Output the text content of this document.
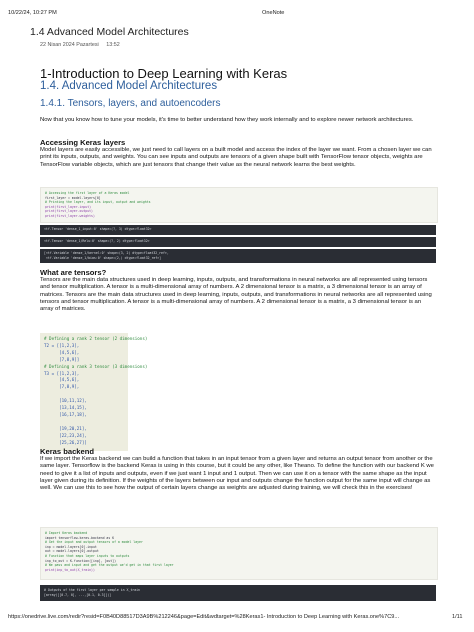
10/22/24, 10:27 PM	OneNote
1.4 Advanced Model Architectures
22 Nisan 2024 Pazartesi 13:52
1-Introduction to Deep Learning with Keras
1.4. Advanced Model Architectures
1.4.1. Tensors, layers, and autoencoders
Now that you know how to tune your models, it's time to better understand how they work internally and to explore newer network architectures.
Accessing Keras layers
Model layers are easily accessible, we just need to call layers on a built model and access the index of the layer we want. From a chosen layer we can print its inputs, outputs, and weights. You can see inputs and outputs are tensors of a given shape built with TensorFlow tensor objects, weights are TensorFlow variable objects, which are just tensors that change their value as the neural network learns the best weights.
# Accessing the first layer of a Keras model
first_layer = model.layers[0]
# Printing the layer, and its input, output and weights
print(first_layer.input)
print(first_layer.output)
print(first_layer.weights)
<tf.Tensor 'dense_1_input:0' shape=(?, 3) dtype=float32>
<tf.Tensor 'dense_1/Relu:0' shape=(?, 2) dtype=float32>
[<tf.Variable 'dense_1/kernel:0' shape=(3, 2) dtype=float32_ref>,
<tf.Variable 'dense_1/bias:0' shape=(2,) dtype=float32_ref>]
What are tensors?
Tensors are the main data structures used in deep learning, inputs, outputs, and transformations in neural networks are all represented using tensors and tensor multiplication. A tensor is a multi-dimensional array of numbers. A 2 dimensional tensor is a matrix, a 3 dimensional tensor is an array of matrices. Tensors are the main data structures used in deep learning, inputs, outputs, and transformations in neural networks are all represented using tensors and tensor multiplication. A tensor is a multi-dimensional array of numbers. A 2 dimensional tensor is a matrix, a 3 dimensional tensor is an array of matrices.
# Defining a rank 2 tensor (2 dimensions)
T2 = [[1,2,3],
[4,5,6],
[7,8,9]]
# Defining a rank 3 tensor (3 dimensions)
T3 = [[1,2,3],
[4,5,6],
[7,8,9],

[10,11,12],
[13,14,15],
[16,17,18],

[19,20,21],
[22,23,24],
[25,26,27]]
Keras backend
If we import the Keras backend we can build a function that takes in an input tensor from a given layer and returns an output tensor from another or the same layer. Tensorflow is the backend Keras is using in this course, but it could be any other, like Theano. To define the function with our backend K we need to give it a list of inputs and outputs, even if we just want 1 input and 1 output. Then we can use it on a tensor with the same shape as the input layer given during its definition. If the weights of the layers between our input and outputs change the function output for the same input will change as well. We can use this to see how the output of certain layers change as weights are adjusted during training, we will check this in the exercises!
# Import Keras backend
import tensorflow.keras.backend as K
# Get the input and output tensors of a model layer
inp = model.layers[0].input
out = model.layers[0].output
# Function that maps layer inputs to outputs
inp_to_out = K.function([inp], [out])
# We pass and input and get the output we'd get in that first layer
print(inp_to_out(X_train))
# Outputs of the first layer per sample in X_train
[array([[0.7, 0], ...,[0.1, 0.3]])]
https://onedrive.live.com/redir?resid=F0B40D88517D3A9B%212246&page=Edit&wdtarget=%28Keras1- Introduction to Deep Learning with Keras.one%7C9...	1/11
